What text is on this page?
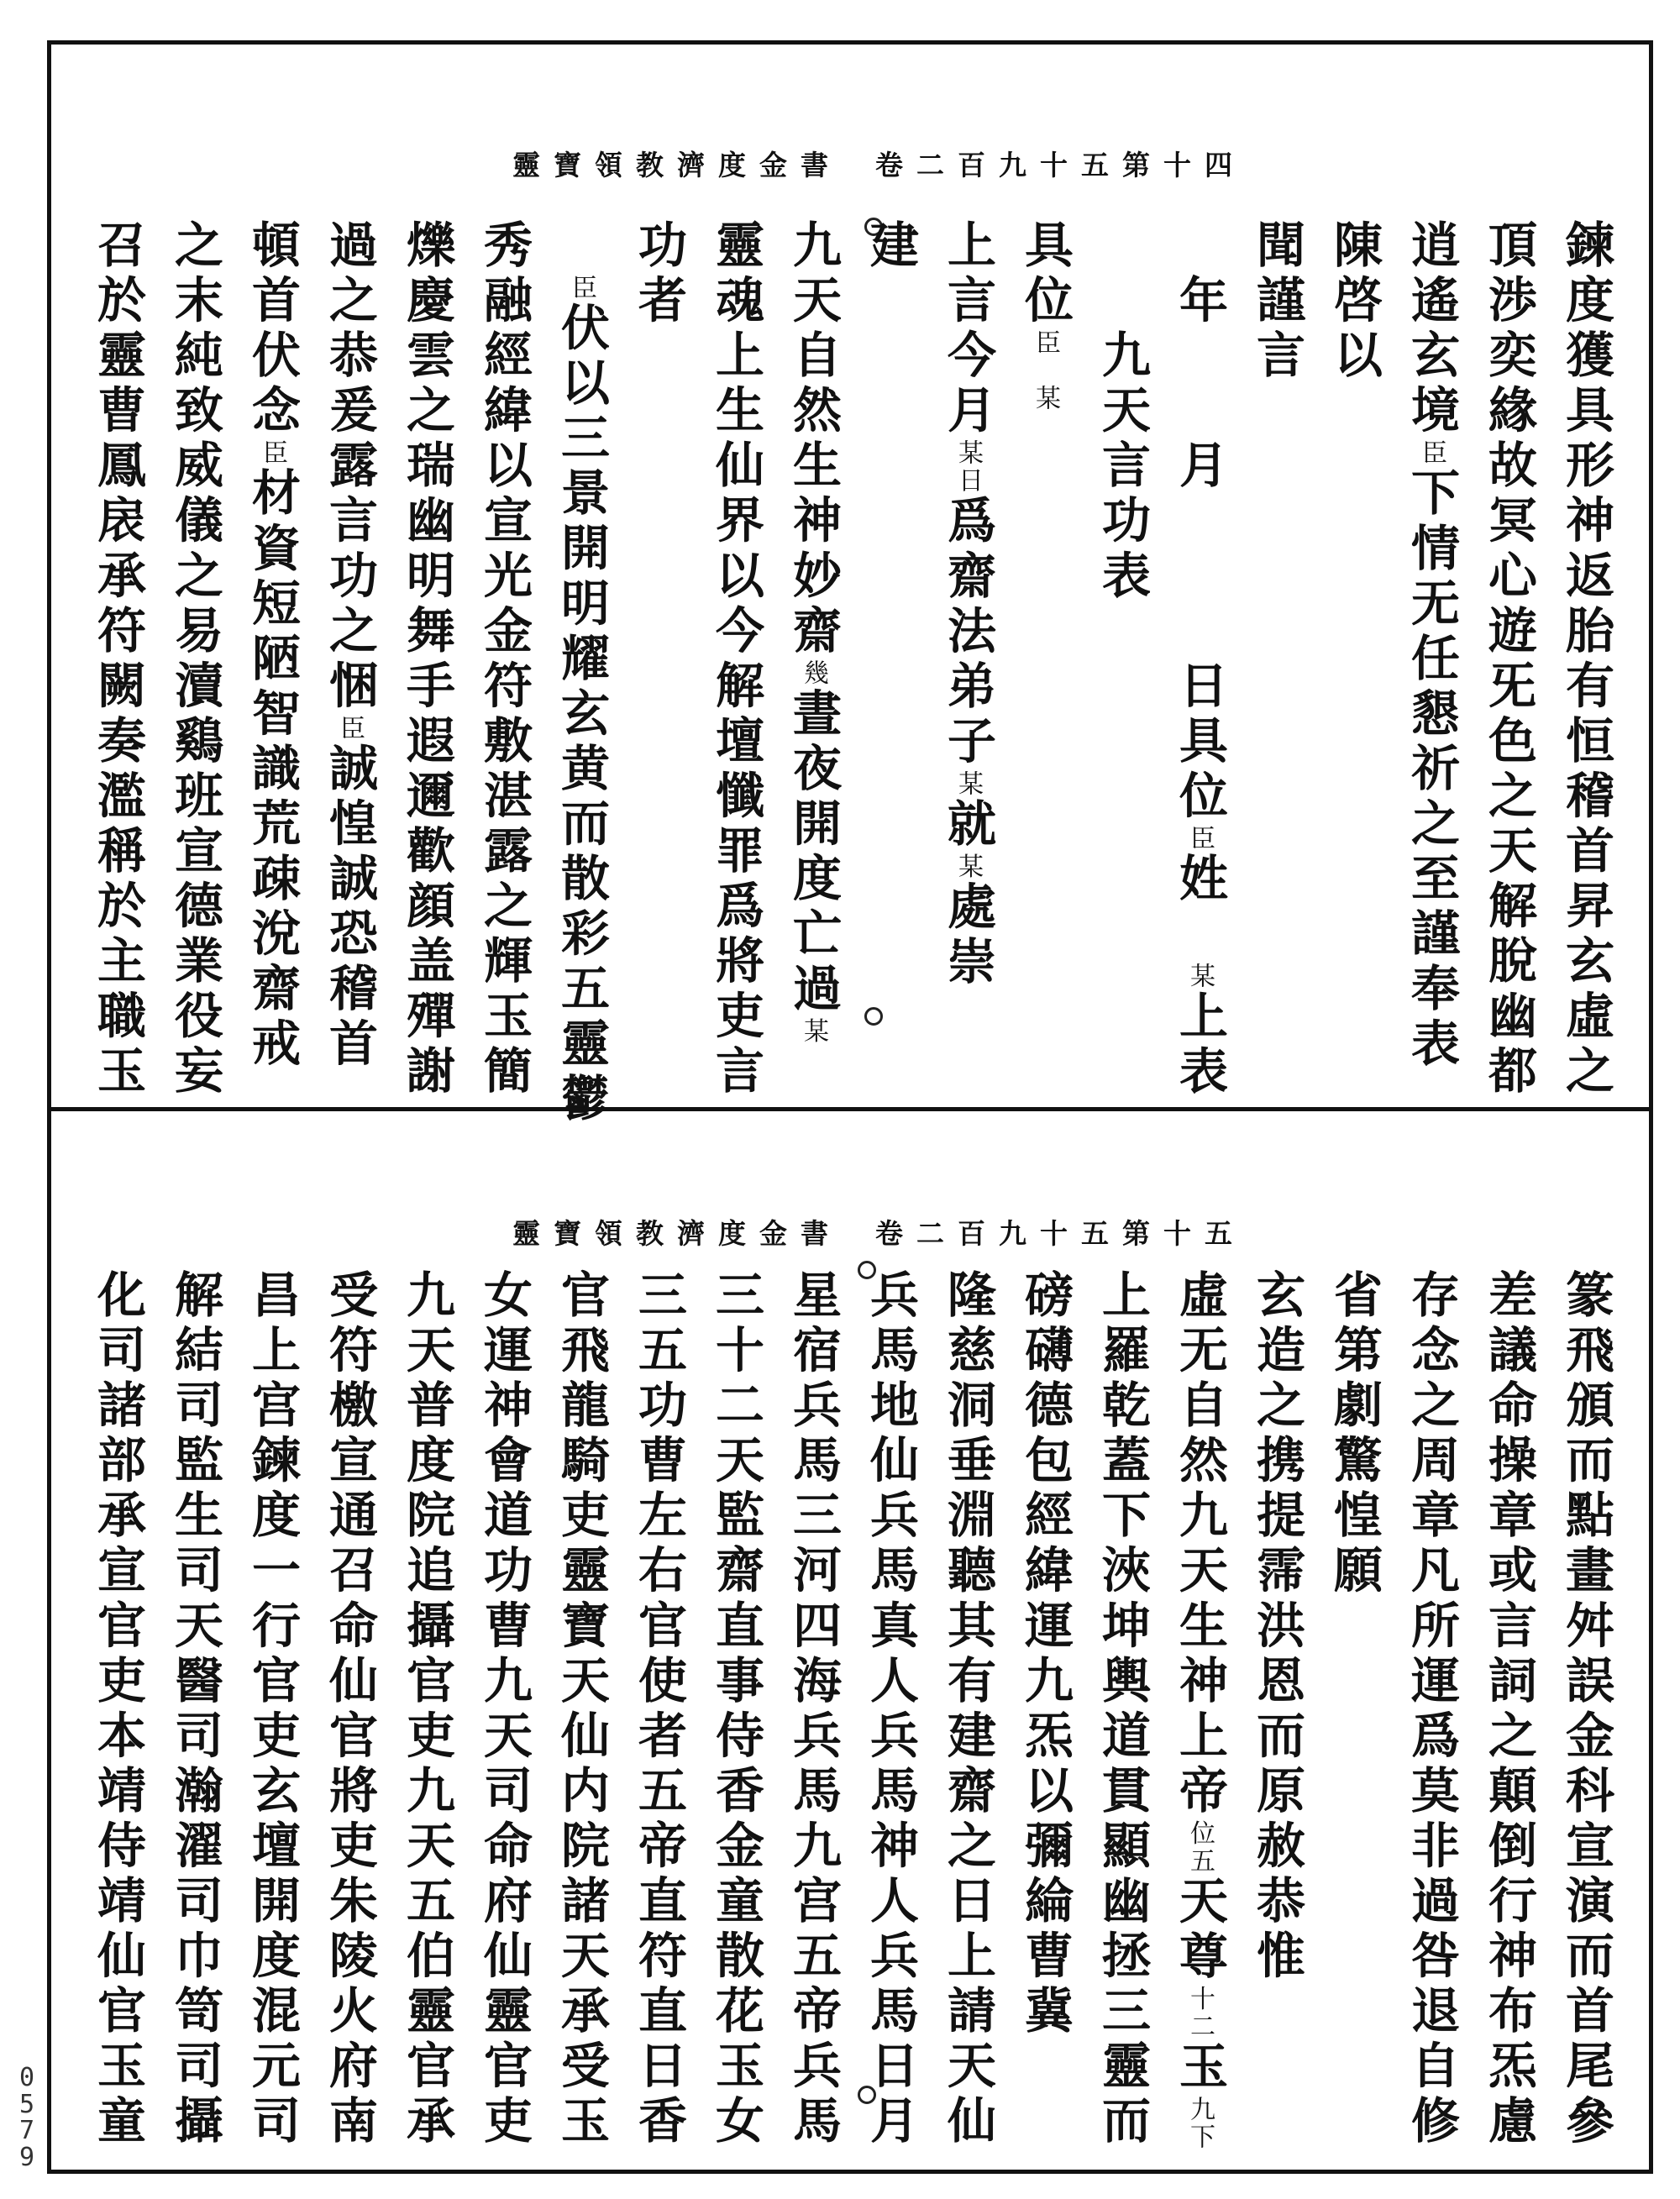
靈寶領教濟度金書 卷二百九十五第十四
鍊度獲具形神返胎有恒稽首昇玄虛之
頂渉奕緣故冥心遊旡色之天解脫幽都
逍遙玄境臣下情无任懇祈之至謹奉表
陳啓以
聞謹言
　年　　月　　　日具位臣姓　某上表
　　九天言功表
具位臣　某
上言今月某日爲齋法弟子某就某處崇
建
九天自然生神妙齋幾晝夜開度亡過某
靈魂上生仙界以今解壇懺罪爲將吏言
功者
　臣伏以三景開明耀玄黄而散彩五靈鬱
秀融經緯以宣光金符敷湛露之輝玉簡
爍慶雲之瑞幽明舞手遐邇歡顔盖殫謝
過之恭爰露言功之悃臣誠惶誠恐稽首
頓首伏念臣材資短陋智識荒疎涗齋戒
之末純致威儀之易瀆鷄班宣德業役妄
召於靈曹鳳扆承符闕奏濫稱於主職玉
靈寶領教濟度金書 卷二百九十五第十五
篆飛頒而點畫舛誤金科宣演而首尾參
差議命操章或言詞之顛倒行神布炁慮
存念之周章凡所運爲莫非過咎退自修
省第劇驚惶願
玄造之携提霈洪恩而原赦恭惟
虛无自然九天生神上帝位五天尊十二玉九下
上羅乾蓋下浹坤輿道貫顯幽拯三靈而
磅礴德包經緯運九炁以彌綸曹冀
隆慈洞垂淵聽其有建齋之日上請天仙
兵馬地仙兵馬真人兵馬神人兵馬日月
星宿兵馬三河四海兵馬九宫五帝兵馬
三十二天監齋直事侍香金童散花玉女
三五功曹左右官使者五帝直符直日香
官飛龍騎吏靈寶天仙内院諸天承受玉
女運神會道功曹九天司命府仙靈官吏
九天普度院追攝官吏九天五伯靈官承
受符檄宣通召命仙官將吏朱陵火府南
昌上宫鍊度一行官吏玄壇開度混元司
解結司監生司天醫司瀚濯司巾笥司攝
化司諸部承宣官吏本靖侍靖仙官玉童
0
5
7
9
